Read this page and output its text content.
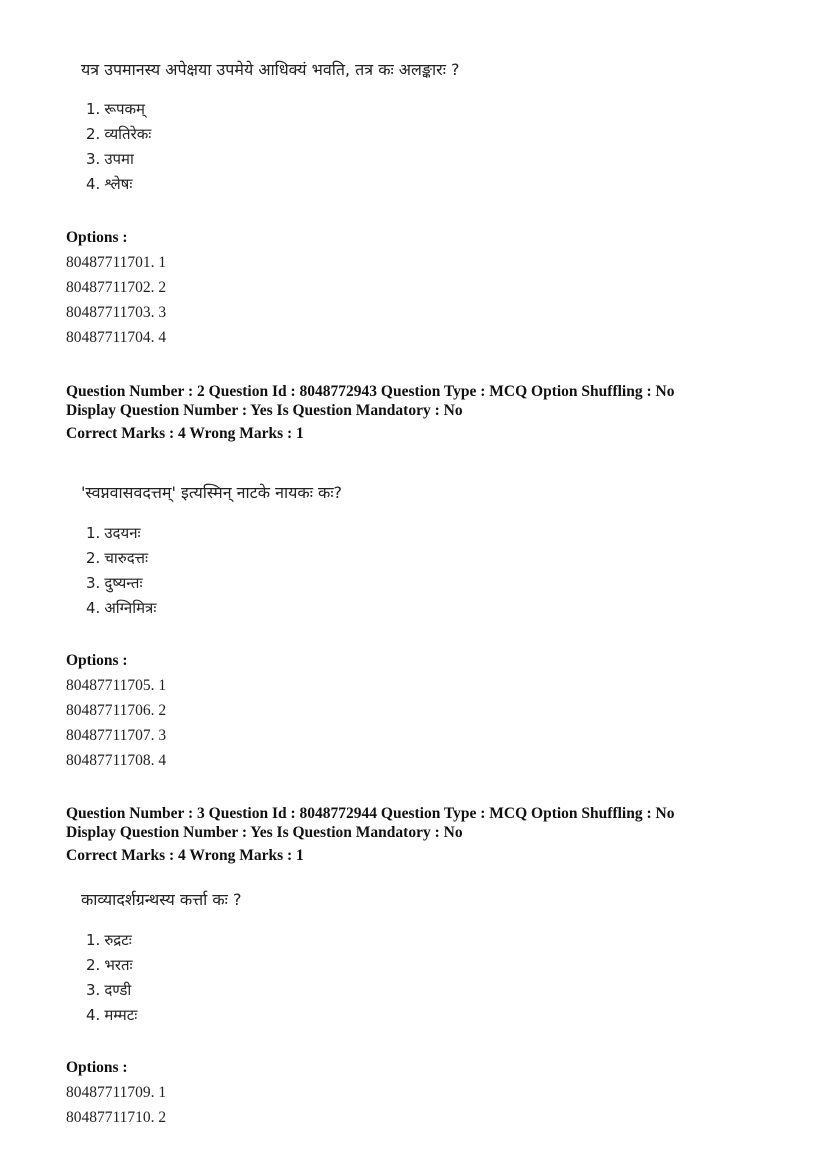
यत्र उपमानस्य अपेक्षया उपमेये आधिक्यं भवति, तत्र कः अलङ्कारः ?
1. रूपकम्
2. व्यतिरेकः
3. उपमा
4. श्लेषः
Options :
80487711701. 1
80487711702. 2
80487711703. 3
80487711704. 4
Question Number : 2 Question Id : 8048772943 Question Type : MCQ Option Shuffling : No
Display Question Number : Yes Is Question Mandatory : No
Correct Marks : 4 Wrong Marks : 1
'स्वप्नवासवदत्तम्' इत्यस्मिन् नाटके नायकः कः?
1. उदयनः
2. चारुदत्तः
3. दुष्यन्तः
4. अग्निमित्रः
Options :
80487711705. 1
80487711706. 2
80487711707. 3
80487711708. 4
Question Number : 3 Question Id : 8048772944 Question Type : MCQ Option Shuffling : No
Display Question Number : Yes Is Question Mandatory : No
Correct Marks : 4 Wrong Marks : 1
काव्यादर्शग्रन्थस्य कर्त्ता कः ?
1. रुद्रटः
2. भरतः
3. दण्डी
4. मम्मटः
Options :
80487711709. 1
80487711710. 2
